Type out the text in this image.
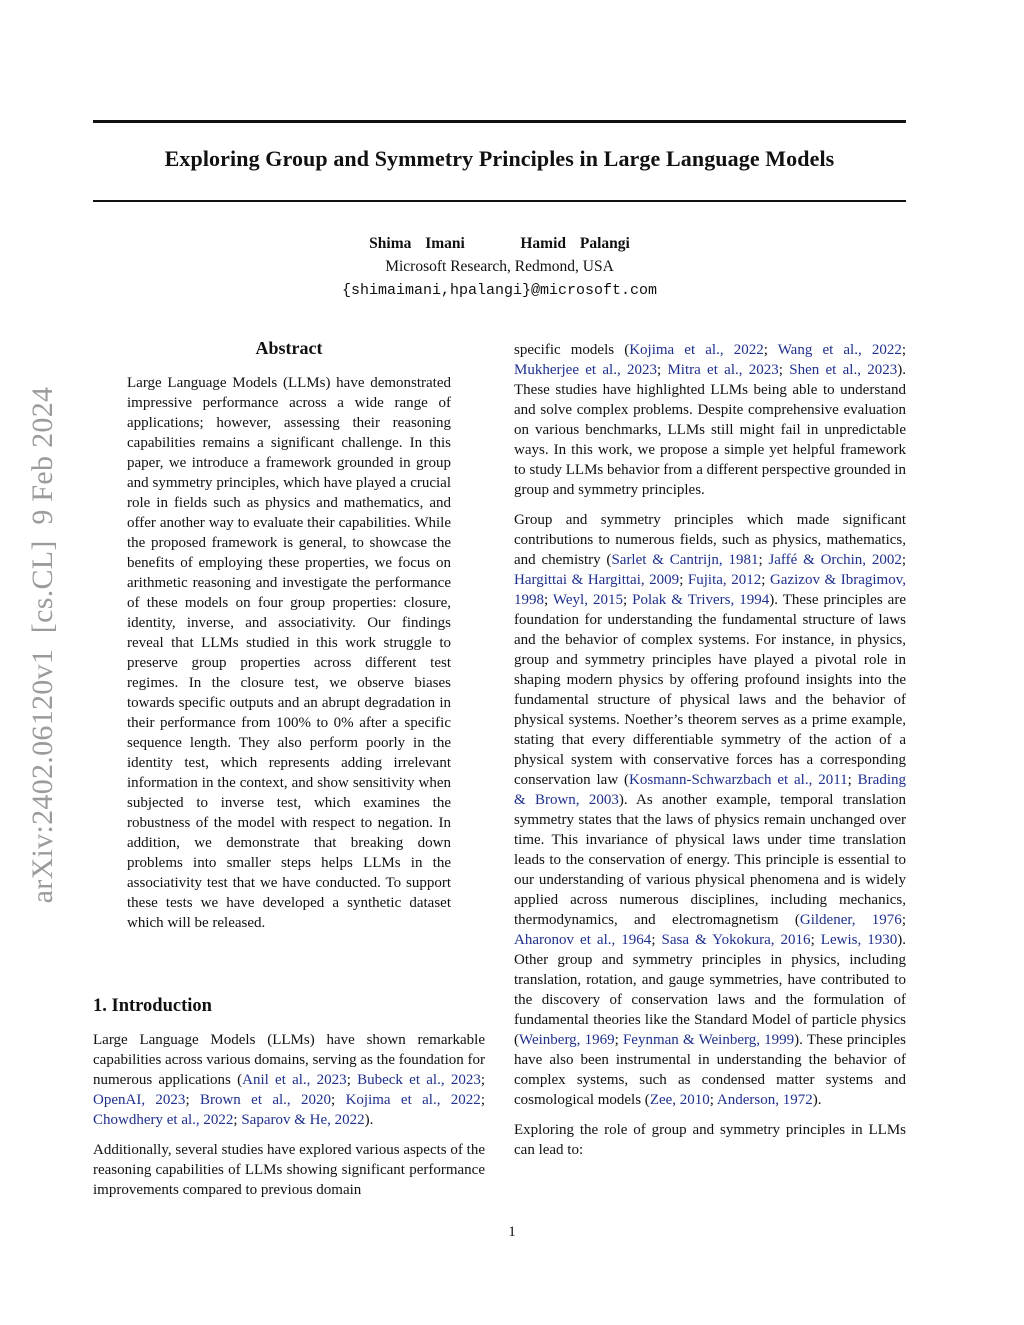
Exploring Group and Symmetry Principles in Large Language Models
Shima Imani    Hamid Palangi
Microsoft Research, Redmond, USA
{shimaimani,hpalangi}@microsoft.com
arXiv:2402.06120v1  [cs.CL]  9 Feb 2024
Abstract
Large Language Models (LLMs) have demonstrated impressive performance across a wide range of applications; however, assessing their reasoning capabilities remains a significant challenge. In this paper, we introduce a framework grounded in group and symmetry principles, which have played a crucial role in fields such as physics and mathematics, and offer another way to evaluate their capabilities. While the proposed framework is general, to showcase the benefits of employing these properties, we focus on arithmetic reasoning and investigate the performance of these models on four group properties: closure, identity, inverse, and associativity. Our findings reveal that LLMs studied in this work struggle to preserve group properties across different test regimes. In the closure test, we observe biases towards specific outputs and an abrupt degradation in their performance from 100% to 0% after a specific sequence length. They also perform poorly in the identity test, which represents adding irrelevant information in the context, and show sensitivity when subjected to inverse test, which examines the robustness of the model with respect to negation. In addition, we demonstrate that breaking down problems into smaller steps helps LLMs in the associativity test that we have conducted. To support these tests we have developed a synthetic dataset which will be released.
1. Introduction

Large Language Models (LLMs) have shown remarkable capabilities across various domains, serving as the foundation for numerous applications (Anil et al., 2023; Bubeck et al., 2023; OpenAI, 2023; Brown et al., 2020; Kojima et al., 2022; Chowdhery et al., 2022; Saparov & He, 2022).

Additionally, several studies have explored various aspects of the reasoning capabilities of LLMs showing significant performance improvements compared to previous domain

specific models (Kojima et al., 2022; Wang et al., 2022; Mukherjee et al., 2023; Mitra et al., 2023; Shen et al., 2023). These studies have highlighted LLMs being able to understand and solve complex problems. Despite comprehensive evaluation on various benchmarks, LLMs still might fail in unpredictable ways. In this work, we propose a simple yet helpful framework to study LLMs behavior from a different perspective grounded in group and symmetry principles.

Group and symmetry principles which made significant contributions to numerous fields, such as physics, mathematics, and chemistry (Sarlet & Cantrijn, 1981; Jaffé & Orchin, 2002; Hargittai & Hargittai, 2009; Fujita, 2012; Gazizov & Ibragimov, 1998; Weyl, 2015; Polak & Trivers, 1994). These principles are foundation for understanding the fundamental structure of laws and the behavior of complex systems. For instance, in physics, group and symmetry principles have played a pivotal role in shaping modern physics by offering profound insights into the fundamental structure of physical laws and the behavior of physical systems. Noether’s theorem serves as a prime example, stating that every differentiable symmetry of the action of a physical system with conservative forces has a corresponding conservation law (Kosmann-Schwarzbach et al., 2011; Brading & Brown, 2003). As another example, temporal translation symmetry states that the laws of physics remain unchanged over time. This invariance of physical laws under time translation leads to the conservation of energy. This principle is essential to our understanding of various physical phenomena and is widely applied across numerous disciplines, including mechanics, thermodynamics, and electromagnetism (Gildener, 1976; Aharonov et al., 1964; Sasa & Yokokura, 2016; Lewis, 1930). Other group and symmetry principles in physics, including translation, rotation, and gauge symmetries, have contributed to the discovery of conservation laws and the formulation of fundamental theories like the Standard Model of particle physics (Weinberg, 1969; Feynman & Weinberg, 1999). These principles have also been instrumental in understanding the behavior of complex systems, such as condensed matter systems and cosmological models (Zee, 2010; Anderson, 1972).

Exploring the role of group and symmetry principles in LLMs can lead to:

1
